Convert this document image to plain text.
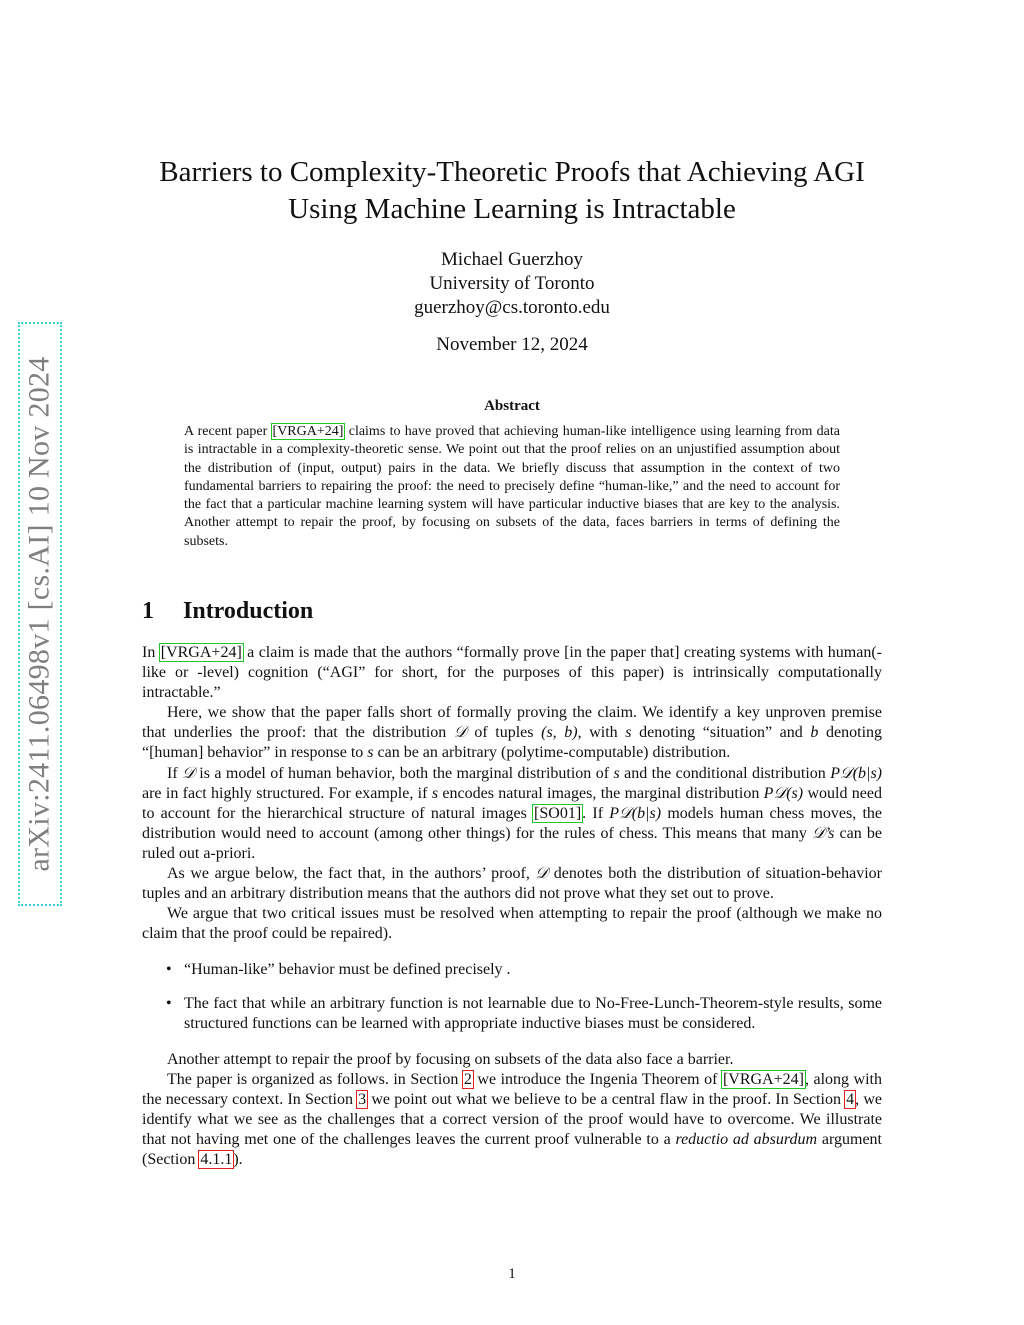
arXiv:2411.06498v1 [cs.AI] 10 Nov 2024
Barriers to Complexity-Theoretic Proofs that Achieving AGI
Using Machine Learning is Intractable
Michael Guerzhoy
University of Toronto
guerzhoy@cs.toronto.edu
November 12, 2024
Abstract

A recent paper [VRGA+24] claims to have proved that achieving human-like intelligence using learning from data is intractable in a complexity-theoretic sense. We point out that the proof relies on an unjustified assumption about the distribution of (input, output) pairs in the data. We briefly discuss that assumption in the context of two fundamental barriers to repairing the proof: the need to precisely define “human-like,” and the need to account for the fact that a particular machine learning system will have particular inductive biases that are key to the analysis. Another attempt to repair the proof, by focusing on subsets of the data, faces barriers in terms of defining the subsets.

1 Introduction

In [VRGA+24] a claim is made that the authors “formally prove [in the paper that] creating systems with human(-like or -level) cognition (“AGI” for short, for the purposes of this paper) is intrinsically computationally intractable.”

Here, we show that the paper falls short of formally proving the claim. We identify a key unproven premise that underlies the proof: that the distribution 𝒟 of tuples (s, b), with s denoting “situation” and b denoting “[human] behavior” in response to s can be an arbitrary (polytime-computable) distribution.

If 𝒟 is a model of human behavior, both the marginal distribution of s and the conditional distribution P𝒟(b|s) are in fact highly structured. For example, if s encodes natural images, the marginal distribution P𝒟(s) would need to account for the hierarchical structure of natural images [SO01]. If P𝒟(b|s) models human chess moves, the distribution would need to account (among other things) for the rules of chess. This means that many 𝒟’s can be ruled out a-priori.

As we argue below, the fact that, in the authors’ proof, 𝒟 denotes both the distribution of situation-behavior tuples and an arbitrary distribution means that the authors did not prove what they set out to prove.

We argue that two critical issues must be resolved when attempting to repair the proof (although we make no claim that the proof could be repaired).

• “Human-like” behavior must be defined precisely .
• The fact that while an arbitrary function is not learnable due to No-Free-Lunch-Theorem-style results, some structured functions can be learned with appropriate inductive biases must be considered.

Another attempt to repair the proof by focusing on subsets of the data also face a barrier.

The paper is organized as follows. in Section 2 we introduce the Ingenia Theorem of [VRGA+24], along with the necessary context. In Section 3 we point out what we believe to be a central flaw in the proof. In Section 4, we identify what we see as the challenges that a correct version of the proof would have to overcome. We illustrate that not having met one of the challenges leaves the current proof vulnerable to a reductio ad absurdum argument (Section 4.1.1).

1
